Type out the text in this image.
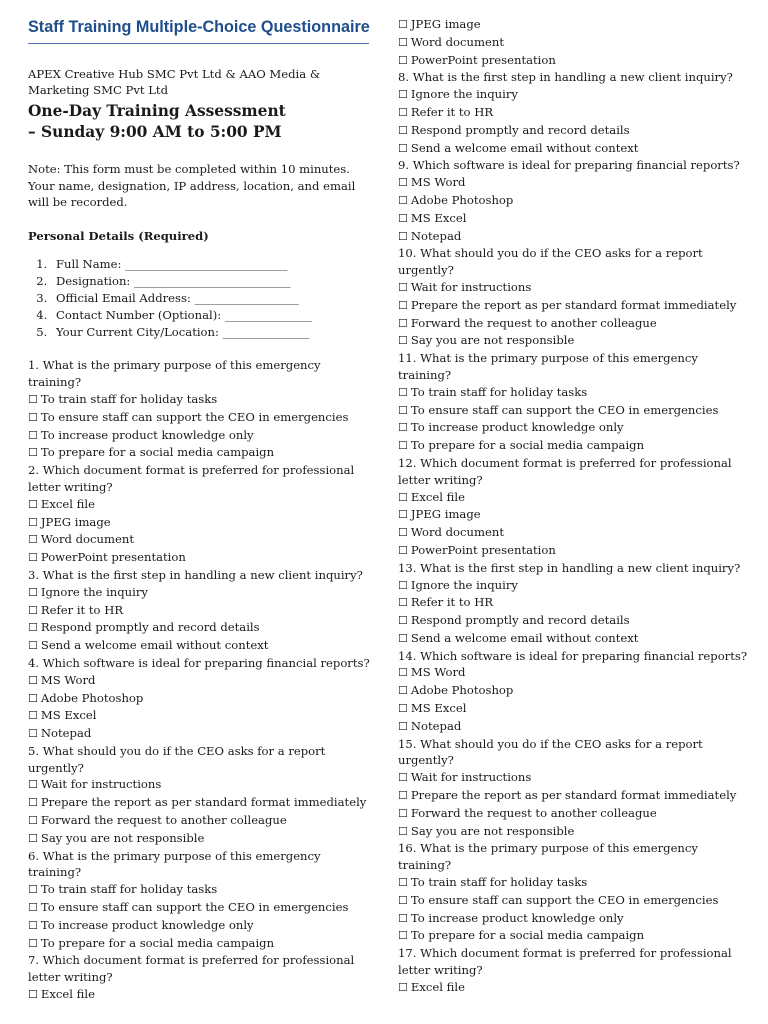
Staff Training Multiple-Choice Questionnaire
APEX Creative Hub SMC Pvt Ltd & AAO Media & Marketing SMC Pvt Ltd
One-Day Training Assessment
– Sunday 9:00 AM to 5:00 PM
Note: This form must be completed within 10 minutes. Your name, designation, IP address, location, and email will be recorded.
Personal Details (Required)
1. Full Name: ____________________________
2. Designation: ___________________________
3. Official Email Address: __________________
4. Contact Number (Optional): _______________
5. Your Current City/Location: _______________
1. What is the primary purpose of this emergency training?
☐ To train staff for holiday tasks
☐ To ensure staff can support the CEO in emergencies
☐ To increase product knowledge only
☐ To prepare for a social media campaign
2. Which document format is preferred for professional letter writing?
☐ Excel file
☐ JPEG image
☐ Word document
☐ PowerPoint presentation
3. What is the first step in handling a new client inquiry?
☐ Ignore the inquiry
☐ Refer it to HR
☐ Respond promptly and record details
☐ Send a welcome email without context
4. Which software is ideal for preparing financial reports?
☐ MS Word
☐ Adobe Photoshop
☐ MS Excel
☐ Notepad
5. What should you do if the CEO asks for a report urgently?
☐ Wait for instructions
☐ Prepare the report as per standard format immediately
☐ Forward the request to another colleague
☐ Say you are not responsible
6. What is the primary purpose of this emergency training?
☐ To train staff for holiday tasks
☐ To ensure staff can support the CEO in emergencies
☐ To increase product knowledge only
☐ To prepare for a social media campaign
7. Which document format is preferred for professional letter writing?
☐ Excel file
☐ JPEG image
☐ Word document
☐ PowerPoint presentation
8. What is the first step in handling a new client inquiry?
☐ Ignore the inquiry
☐ Refer it to HR
☐ Respond promptly and record details
☐ Send a welcome email without context
9. Which software is ideal for preparing financial reports?
☐ MS Word
☐ Adobe Photoshop
☐ MS Excel
☐ Notepad
10. What should you do if the CEO asks for a report urgently?
☐ Wait for instructions
☐ Prepare the report as per standard format immediately
☐ Forward the request to another colleague
☐ Say you are not responsible
11. What is the primary purpose of this emergency training?
☐ To train staff for holiday tasks
☐ To ensure staff can support the CEO in emergencies
☐ To increase product knowledge only
☐ To prepare for a social media campaign
12. Which document format is preferred for professional letter writing?
☐ Excel file
☐ JPEG image
☐ Word document
☐ PowerPoint presentation
13. What is the first step in handling a new client inquiry?
☐ Ignore the inquiry
☐ Refer it to HR
☐ Respond promptly and record details
☐ Send a welcome email without context
14. Which software is ideal for preparing financial reports?
☐ MS Word
☐ Adobe Photoshop
☐ MS Excel
☐ Notepad
15. What should you do if the CEO asks for a report urgently?
☐ Wait for instructions
☐ Prepare the report as per standard format immediately
☐ Forward the request to another colleague
☐ Say you are not responsible
16. What is the primary purpose of this emergency training?
☐ To train staff for holiday tasks
☐ To ensure staff can support the CEO in emergencies
☐ To increase product knowledge only
☐ To prepare for a social media campaign
17. Which document format is preferred for professional letter writing?
☐ Excel file
